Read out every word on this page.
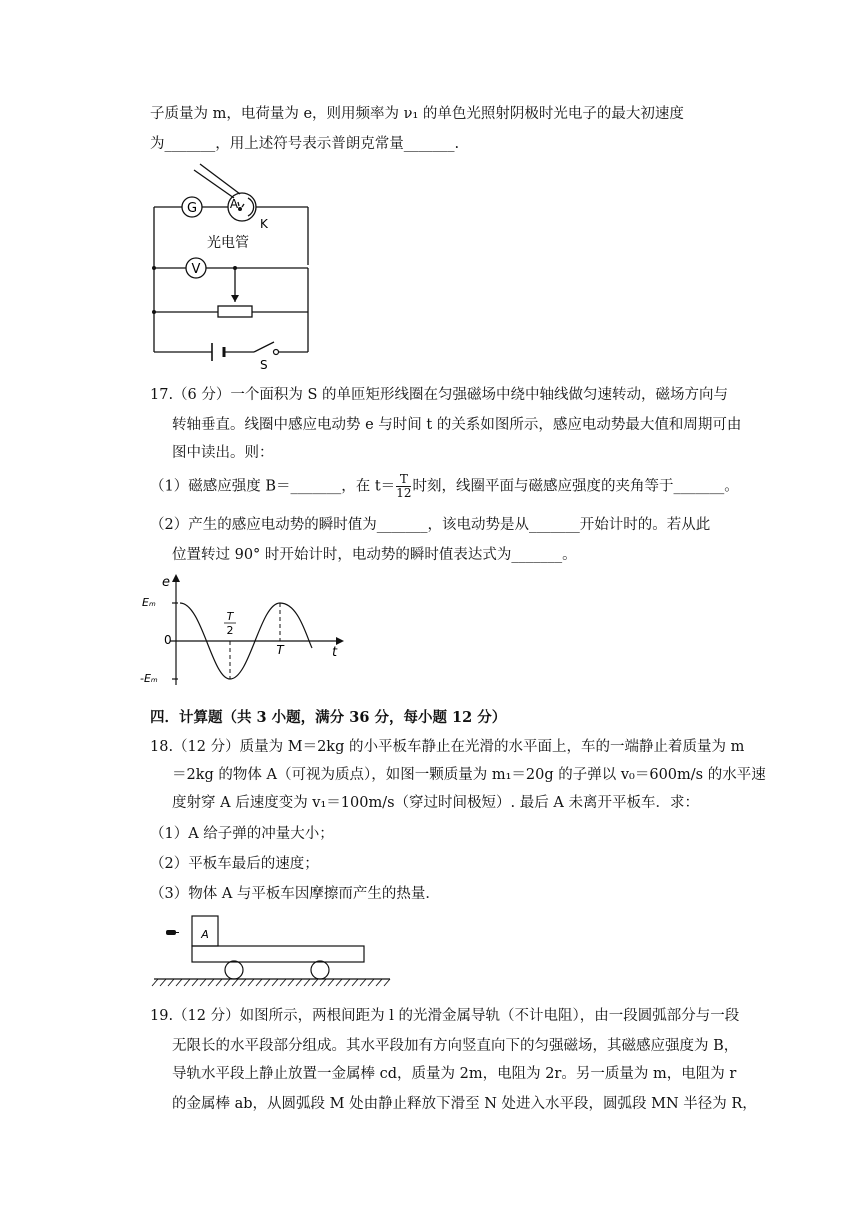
子质量为 m，电荷量为 e，则用频率为 ν₁ 的单色光照射阴极时光电子的最大初速度
为_______，用上述符号表示普朗克常量_______.
G
V
A
K
光电管
S
17.（6 分）一个面积为 S 的单匝矩形线圈在匀强磁场中绕中轴线做匀速转动，磁场方向与
转轴垂直。线圈中感应电动势 e 与时间 t 的关系如图所示，感应电动势最大值和周期可由
图中读出。则：
（1）磁感应强度 B＝_______，在 $t= \frac{T}{12}$ 时刻，线圈平面与磁感应强度的夹角等于_______。
（2）产生的感应电动势的瞬时值为_______，该电动势是从_______开始计时的。若从此
位置转过 90° 时开始计时，电动势的瞬时值表达式为_______。
e
t
Eₘ
-Eₘ
0
T
2
T
四．计算题（共 3 小题，满分 36 分，每小题 12 分）
18.（12 分）质量为 M＝2kg 的小平板车静止在光滑的水平面上，车的一端静止着质量为 m
＝2kg 的物体 A（可视为质点），如图一颗质量为 m₁＝20g 的子弹以 v₀＝600m/s 的水平速
度射穿 A 后速度变为 v₁＝100m/s（穿过时间极短）. 最后 A 未离开平板车．求：
（1）A 给子弹的冲量大小；
（2）平板车最后的速度；
（3）物体 A 与平板车因摩擦而产生的热量．
A
19.（12 分）如图所示，两根间距为 l 的光滑金属导轨（不计电阻），由一段圆弧部分与一段
无限长的水平段部分组成。其水平段加有方向竖直向下的匀强磁场，其磁感应强度为 B，
导轨水平段上静止放置一金属棒 cd，质量为 2m，电阻为 2r。另一质量为 m，电阻为 r
的金属棒 ab，从圆弧段 M 处由静止释放下滑至 N 处进入水平段，圆弧段 MN 半径为 R，
